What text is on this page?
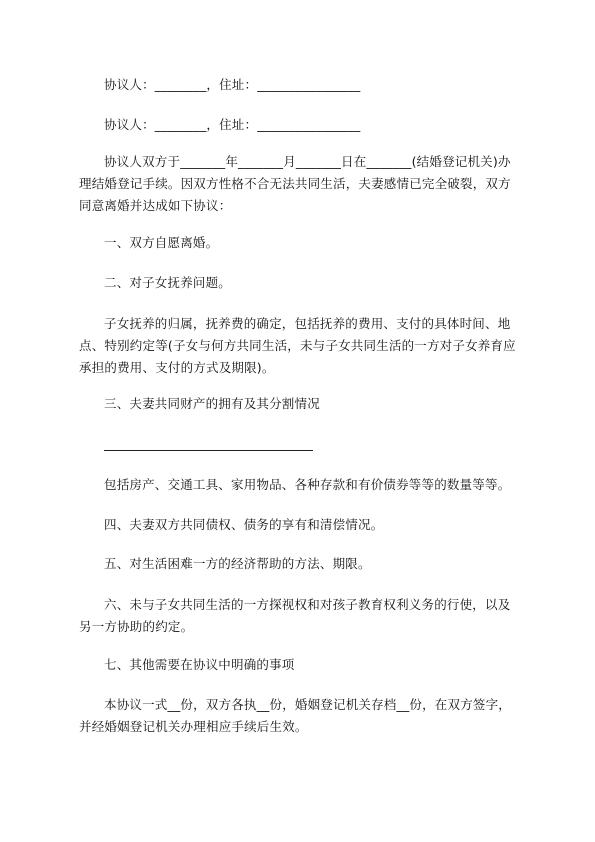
协议人：________，住址：________________

协议人：________，住址：________________

协议人双方于_______年_______月_______日在_______(结婚登记机关)办理结婚登记手续。因双方性格不合无法共同生活，夫妻感情已完全破裂，双方同意离婚并达成如下协议：

一、双方自愿离婚。

二、对子女抚养问题。

子女抚养的归属，抚养费的确定，包括抚养的费用、支付的具体时间、地点、特别约定等(子女与何方共同生活，未与子女共同生活的一方对子女养育应承担的费用、支付的方式及期限)。

三、夫妻共同财产的拥有及其分割情况

包括房产、交通工具、家用物品、各种存款和有价债券等等的数量等等。

四、夫妻双方共同债权、债务的享有和清偿情况。

五、对生活困难一方的经济帮助的方法、期限。

六、未与子女共同生活的一方探视权和对孩子教育权利义务的行使，以及另一方协助的约定。

七、其他需要在协议中明确的事项

本协议一式__份，双方各执__份，婚姻登记机关存档__份，在双方签字，并经婚姻登记机关办理相应手续后生效。
